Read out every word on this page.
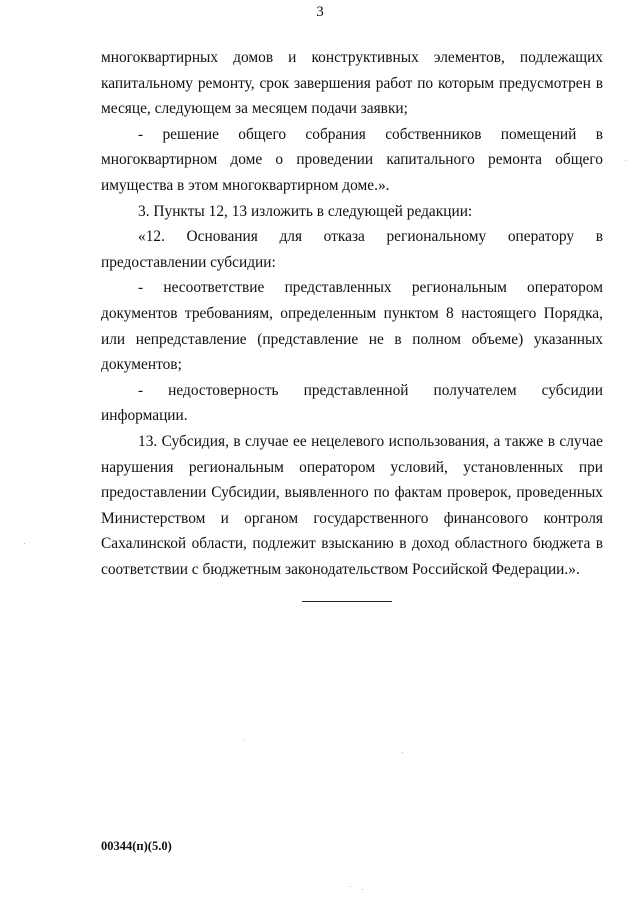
3

многоквартирных домов и конструктивных элементов, подлежащих капитальному ремонту, срок завершения работ по которым предусмотрен в месяце, следующем за месяцем подачи заявки;

- решение общего собрания собственников помещений в многоквартирном доме о проведении капитального ремонта общего имущества в этом многоквартирном доме.».

3. Пункты 12, 13 изложить в следующей редакции:

«12. Основания для отказа региональному оператору в предоставлении субсидии:

- несоответствие представленных региональным оператором документов требованиям, определенным пунктом 8 настоящего Порядка, или непредставление (представление не в полном объеме) указанных документов;

- недостоверность представленной получателем субсидии информации.

13. Субсидия, в случае ее нецелевого использования, а также в случае нарушения региональным оператором условий, установленных при предоставлении Субсидии, выявленного по фактам проверок, проведенных Министерством и органом государственного финансового контроля Сахалинской области, подлежит взысканию в доход областного бюджета в соответствии с бюджетным законодательством Российской Федерации.».

00344(п)(5.0)
